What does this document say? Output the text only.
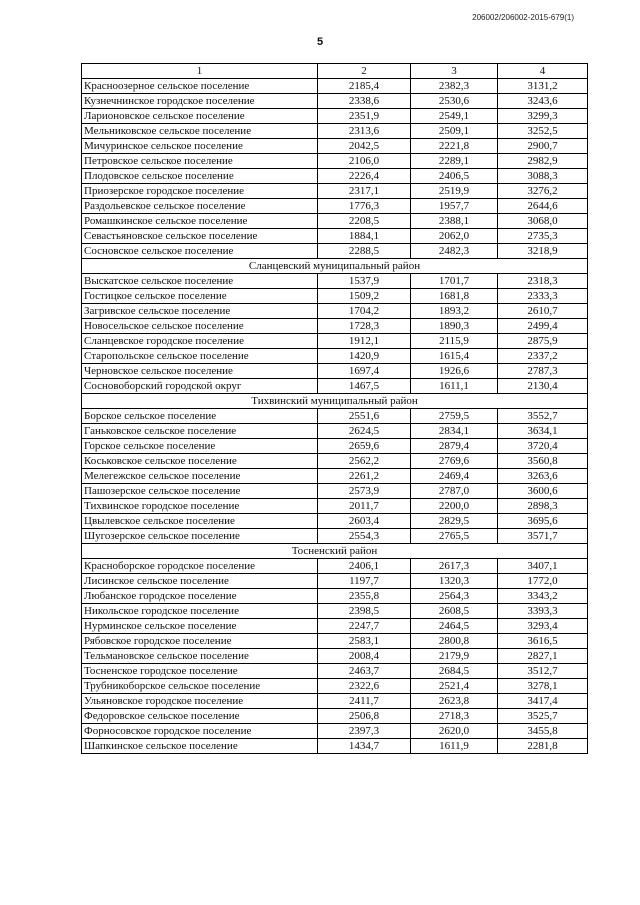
206002/206002-2015-679(1)
5
1	2	3	4
Красноозерное сельское поселение	2185,4	2382,3	3131,2
Кузнечнинское городское поселение	2338,6	2530,6	3243,6
Ларионовское сельское поселение	2351,9	2549,1	3299,3
Мельниковское сельское поселение	2313,6	2509,1	3252,5
Мичуринское сельское поселение	2042,5	2221,8	2900,7
Петровское сельское поселение	2106,0	2289,1	2982,9
Плодовское сельское поселение	2226,4	2406,5	3088,3
Приозерское городское поселение	2317,1	2519,9	3276,2
Раздольевское сельское поселение	1776,3	1957,7	2644,6
Ромашкинское сельское поселение	2208,5	2388,1	3068,0
Севастьяновское сельское поселение	1884,1	2062,0	2735,3
Сосновское сельское поселение	2288,5	2482,3	3218,9
Сланцевский муниципальный район			
Выскатское сельское поселение	1537,9	1701,7	2318,3
Гостицкое сельское поселение	1509,2	1681,8	2333,3
Загривское сельское поселение	1704,2	1893,2	2610,7
Новосельское сельское поселение	1728,3	1890,3	2499,4
Сланцевское городское поселение	1912,1	2115,9	2875,9
Старопольское сельское поселение	1420,9	1615,4	2337,2
Черновское сельское поселение	1697,4	1926,6	2787,3
Сосновоборский городской округ	1467,5	1611,1	2130,4
Тихвинский муниципальный район			
Борское сельское поселение	2551,6	2759,5	3552,7
Ганьковское сельское поселение	2624,5	2834,1	3634,1
Горское сельское поселение	2659,6	2879,4	3720,4
Коськовское сельское поселение	2562,2	2769,6	3560,8
Мелегежское сельское поселение	2261,2	2469,4	3263,6
Пашозерское сельское поселение	2573,9	2787,0	3600,6
Тихвинское городское поселение	2011,7	2200,0	2898,3
Цвылевское сельское поселение	2603,4	2829,5	3695,6
Шугозерское сельское поселение	2554,3	2765,5	3571,7
Тосненский район			
Красноборское городское поселение	2406,1	2617,3	3407,1
Лисинское сельское поселение	1197,7	1320,3	1772,0
Любанское городское поселение	2355,8	2564,3	3343,2
Никольское городское поселение	2398,5	2608,5	3393,3
Нурминское сельское поселение	2247,7	2464,5	3293,4
Рябовское городское поселение	2583,1	2800,8	3616,5
Тельмановское сельское поселение	2008,4	2179,9	2827,1
Тосненское городское поселение	2463,7	2684,5	3512,7
Трубникоборское сельское поселение	2322,6	2521,4	3278,1
Ульяновское городское поселение	2411,7	2623,8	3417,4
Федоровское сельское поселение	2506,8	2718,3	3525,7
Форносовское городское поселение	2397,3	2620,0	3455,8
Шапкинское сельское поселение	1434,7	1611,9	2281,8
